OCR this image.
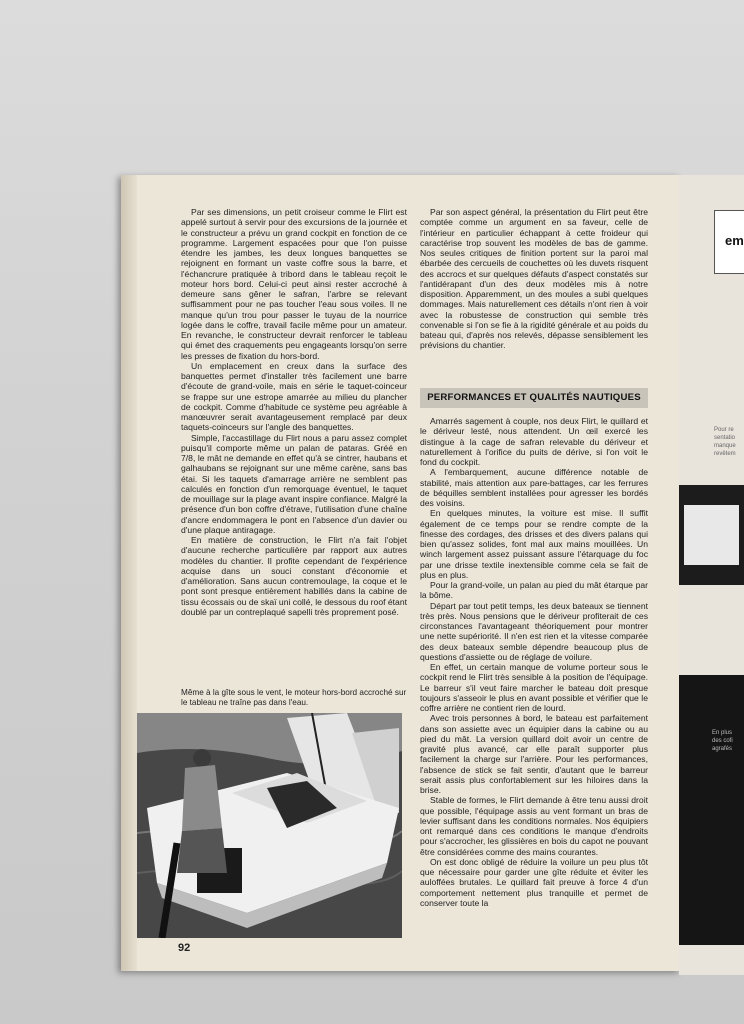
Par ses dimensions, un petit croiseur comme le Flirt est appelé surtout à servir pour des excursions de la journée et le constructeur a prévu un grand cockpit en fonction de ce programme. Largement espacées pour que l'on puisse étendre les jambes, les deux longues banquettes se rejoignent en formant un vaste coffre sous la barre, et l'échancrure pratiquée à tribord dans le tableau reçoit le moteur hors bord. Celui-ci peut ainsi rester accroché à demeure sans gêner le safran, l'arbre se relevant suffisamment pour ne pas toucher l'eau sous voiles. Il ne manque qu'un trou pour passer le tuyau de la nourrice logée dans le coffre, travail facile même pour un amateur. En revanche, le constructeur devrait renforcer le tableau qui émet des craquements peu engageants lorsqu'on serre les presses de fixation du hors-bord.

Un emplacement en creux dans la surface des banquettes permet d'installer très facilement une barre d'écoute de grand-voile, mais en série le taquet-coinceur se frappe sur une estrope amarrée au milieu du plancher de cockpit. Comme d'habitude ce système peu agréable à manœuvrer serait avantageusement remplacé par deux taquets-coinceurs sur l'angle des banquettes.

Simple, l'accastillage du Flirt nous a paru assez complet puisqu'il comporte même un palan de pataras. Gréé en 7/8, le mât ne demande en effet qu'à se cintrer, haubans et galhaubans se rejoignant sur une même carène, sans bas étai. Si les taquets d'amarrage arrière ne semblent pas calculés en fonction d'un remorquage éventuel, le taquet de mouillage sur la plage avant inspire confiance. Malgré la présence d'un bon coffre d'étrave, l'utilisation d'une chaîne d'ancre endommagera le pont en l'absence d'un davier ou d'une plaque antiragage.

En matière de construction, le Flirt n'a fait l'objet d'aucune recherche particulière par rapport aux autres modèles du chantier. Il profite cependant de l'expérience acquise dans un souci constant d'économie et d'amélioration. Sans aucun contremoulage, la coque et le pont sont presque entièrement habillés dans la cabine de tissu écossais ou de skaï uni collé, le dessous du roof étant doublé par un contreplaqué sapelli très proprement posé.

Même à la gîte sous le vent, le moteur hors-bord accroché sur le tableau ne traîne pas dans l'eau.
92

Par son aspect général, la présentation du Flirt peut être comptée comme un argument en sa faveur, celle de l'intérieur en particulier échappant à cette froideur qui caractérise trop souvent les modèles de bas de gamme. Nos seules critiques de finition portent sur la paroi mal ébarbée des cercueils de couchettes où les duvets risquent des accrocs et sur quelques défauts d'aspect constatés sur l'antidérapant d'un des deux modèles mis à notre disposition. Apparemment, un des moules a subi quelques dommages. Mais naturellement ces détails n'ont rien à voir avec la robustesse de construction qui semble très convenable si l'on se fie à la rigidité générale et au poids du bateau qui, d'après nos relevés, dépasse sensiblement les prévisions du chantier.

PERFORMANCES ET QUALITÉS NAUTIQUES

Amarrés sagement à couple, nos deux Flirt, le quillard et le dériveur lesté, nous attendent. Un œil exercé les distingue à la cage de safran relevable du dériveur et naturellement à l'orifice du puits de dérive, si l'on voit le fond du cockpit.

A l'embarquement, aucune différence notable de stabilité, mais attention aux pare-battages, car les ferrures de béquilles semblent installées pour agresser les bordés des voisins.

En quelques minutes, la voiture est mise. Il suffit également de ce temps pour se rendre compte de la finesse des cordages, des drisses et des divers palans qui bien qu'assez solides, font mal aux mains mouillées. Un winch largement assez puissant assure l'étarquage du foc par une drisse textile inextensible comme cela se fait de plus en plus.

Pour la grand-voile, un palan au pied du mât étarque par la bôme.

Départ par tout petit temps, les deux bateaux se tiennent très près. Nous pensions que le dériveur profiterait de ces circonstances l'avantageant théoriquement pour montrer une nette supériorité. Il n'en est rien et la vitesse comparée des deux bateaux semble dépendre beaucoup plus de questions d'assiette ou de réglage de voilure.

En effet, un certain manque de volume porteur sous le cockpit rend le Flirt très sensible à la position de l'équipage. Le barreur s'il veut faire marcher le bateau doit presque toujours s'asseoir le plus en avant possible et vérifier que le coffre arrière ne contient rien de lourd.

Avec trois personnes à bord, le bateau est parfaitement dans son assiette avec un équipier dans la cabine ou au pied du mât. La version quillard doit avoir un centre de gravité plus avancé, car elle paraît supporter plus facilement la charge sur l'arrière. Pour les performances, l'absence de stick se fait sentir, d'autant que le barreur serait assis plus confortablement sur les hiloires dans la brise.

Stable de formes, le Flirt demande à être tenu aussi droit que possible, l'équipage assis au vent formant un bras de levier suffisant dans les conditions normales. Nos équipiers ont remarqué dans ces conditions le manque d'endroits pour s'accrocher, les glissières en bois du capot ne pouvant être considérées comme des mains courantes.

On est donc obligé de réduire la voilure un peu plus tôt que nécessaire pour garder une gîte réduite et éviter les auloffées brutales. Le quillard fait preuve à force 4 d'un comportement nettement plus tranquille et permet de conserver toute la

em
Pour re
sentatio
manque
revêtem
En plus
des cofi
agrafés
